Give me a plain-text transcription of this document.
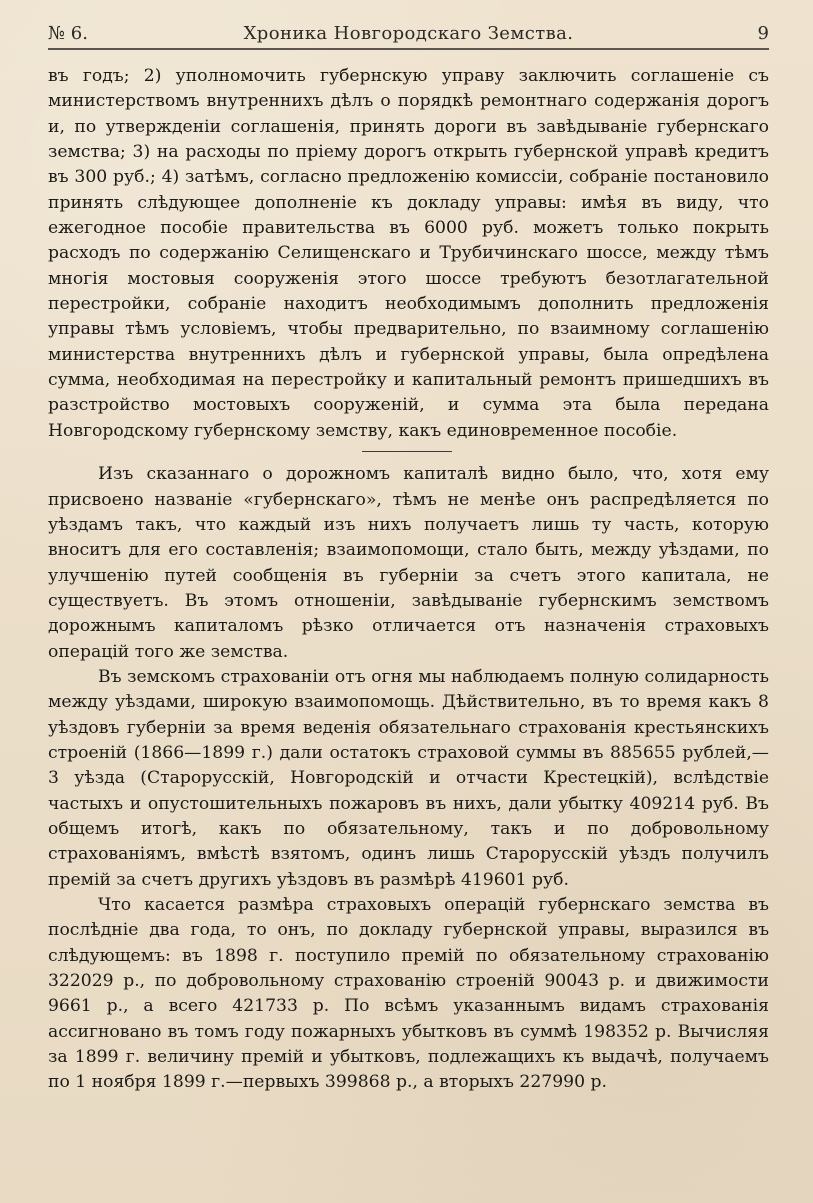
№ 6.	Хроника Новгородскаго Земства.	9

въ годъ; 2) уполномочить губернскую управу заключить соглашеніе съ министерствомъ внутреннихъ дѣлъ о порядкѣ ремонтнаго содержанія дорогъ и, по утвержденіи соглашенія, принять дороги въ завѣдываніе губернскаго земства; 3) на расходы по пріему дорогъ открыть губернской управѣ кредитъ въ 300 руб.; 4) затѣмъ, согласно предложенію комиссіи, собраніе постановило принять слѣдующее дополненіе къ докладу управы: имѣя въ виду, что ежегодное пособіе правительства въ 6000 руб. можетъ только покрыть расходъ по содержанію Селищенскаго и Трубичинскаго шоссе, между тѣмъ многія мостовыя сооруженія этого шоссе требуютъ безотлагательной перестройки, собраніе находитъ необходимымъ дополнить предложенія управы тѣмъ условіемъ, чтобы предварительно, по взаимному соглашенію министерства внутреннихъ дѣлъ и губернской управы, была опредѣлена сумма, необходимая на перестройку и капитальный ремонтъ пришедшихъ въ разстройство мостовыхъ сооруженій, и сумма эта была передана Новгородскому губернскому земству, какъ единовременное пособіе.

Изъ сказаннаго о дорожномъ капиталѣ видно было, что, хотя ему присвоено названіе «губернскаго», тѣмъ не менѣе онъ распредѣляется по уѣздамъ такъ, что каждый изъ нихъ получаетъ лишь ту часть, которую вноситъ для его составленія; взаимопомощи, стало быть, между уѣздами, по улучшенію путей сообщенія въ губерніи за счетъ этого капитала, не существуетъ. Въ этомъ отношеніи, завѣдываніе губернскимъ земствомъ дорожнымъ капиталомъ рѣзко отличается отъ назначенія страховыхъ операцій того же земства.

Въ земскомъ страхованіи отъ огня мы наблюдаемъ полную солидарность между уѣздами, широкую взаимопомощь. Дѣйствительно, въ то время какъ 8 уѣздовъ губерніи за время веденія обязательнаго страхованія крестьянскихъ строеній (1866—1899 г.) дали остатокъ страховой суммы въ 885655 рублей,—3 уѣзда (Старорусскій, Новгородскій и отчасти Крестецкій), вслѣдствіе частыхъ и опустошительныхъ пожаровъ въ нихъ, дали убытку 409214 руб. Въ общемъ итогѣ, какъ по обязательному, такъ и по добровольному страхованіямъ, вмѣстѣ взятомъ, одинъ лишь Старорусскій уѣздъ получилъ премій за счетъ другихъ уѣздовъ въ размѣрѣ 419601 руб.

Что касается размѣра страховыхъ операцій губернскаго земства въ послѣдніе два года, то онъ, по докладу губернской управы, выразился въ слѣдующемъ: въ 1898 г. поступило премій по обязательному страхованію 322029 р., по добровольному страхованію строеній 90043 р. и движимости 9661 р., а всего 421733 р. По всѣмъ указаннымъ видамъ страхованія ассигновано въ томъ году пожарныхъ убытковъ въ суммѣ 198352 р. Вычисляя за 1899 г. величину премій и убытковъ, подлежащихъ къ выдачѣ, получаемъ по 1 ноября 1899 г.—первыхъ 399868 р., а вторыхъ 227990 р.
